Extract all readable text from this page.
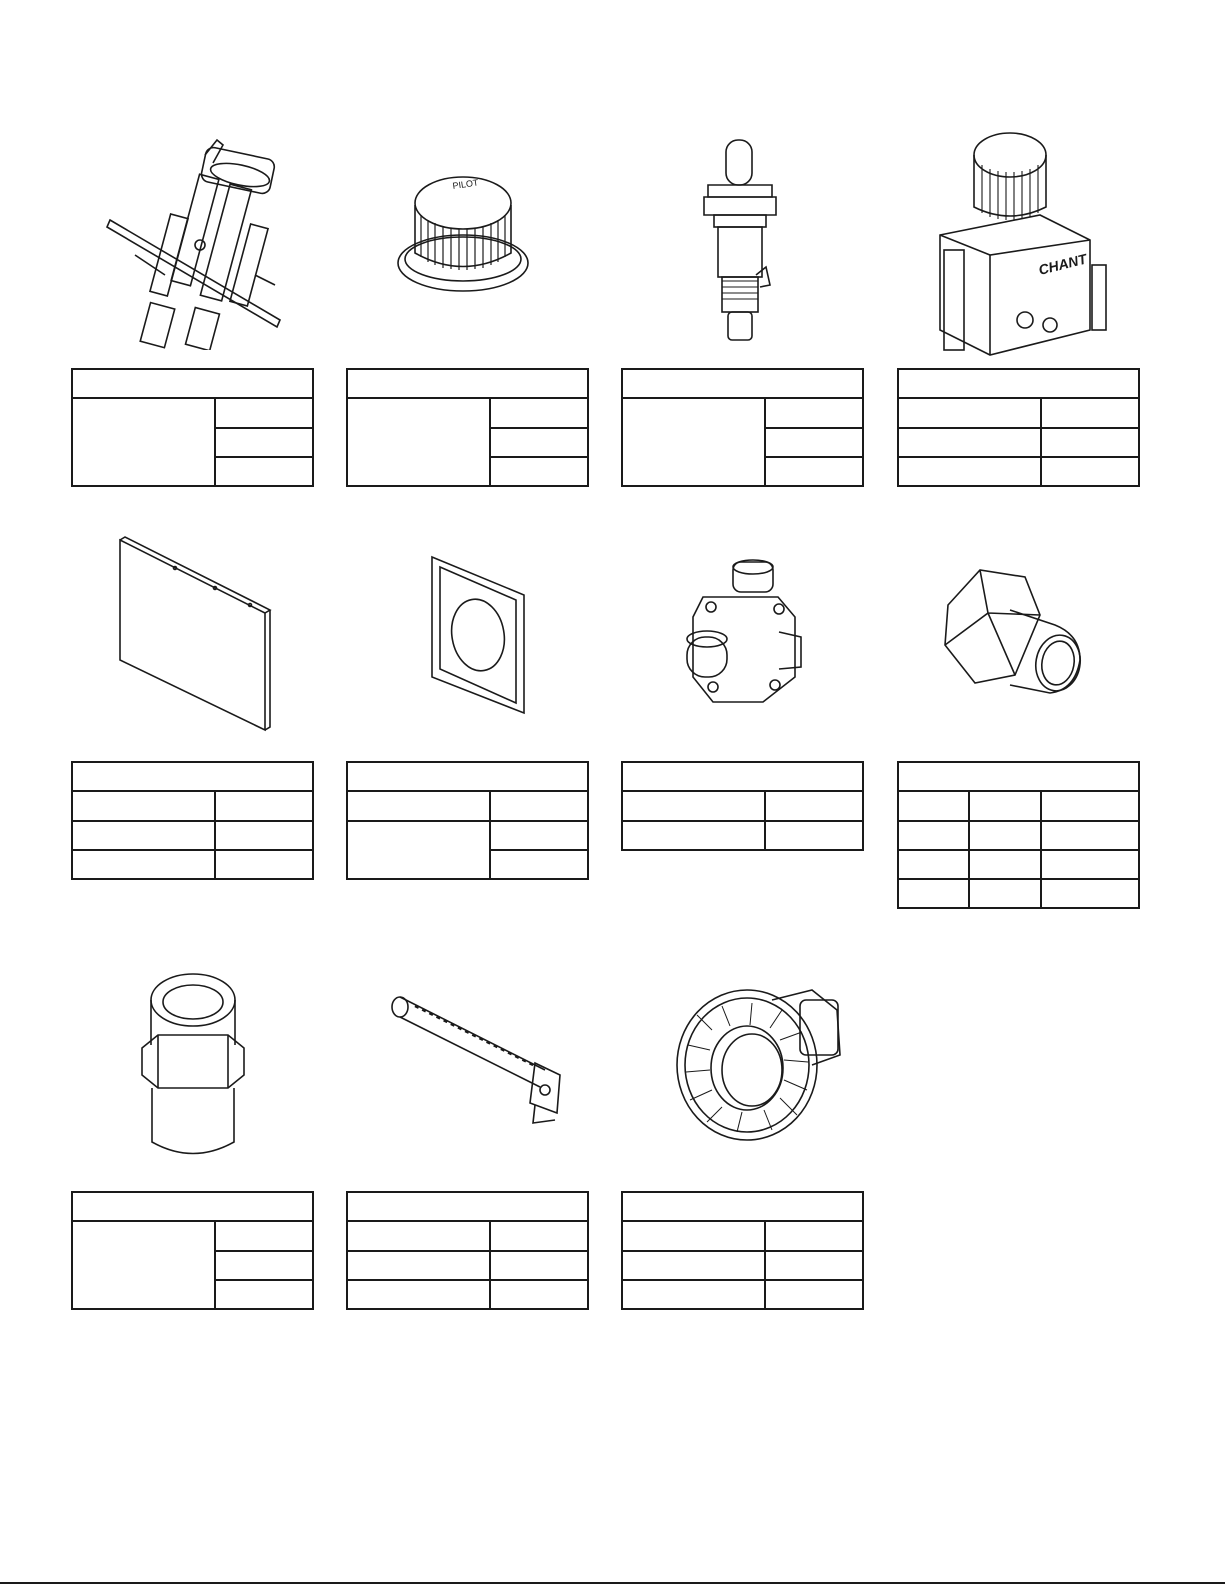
PILOT
CHANT
